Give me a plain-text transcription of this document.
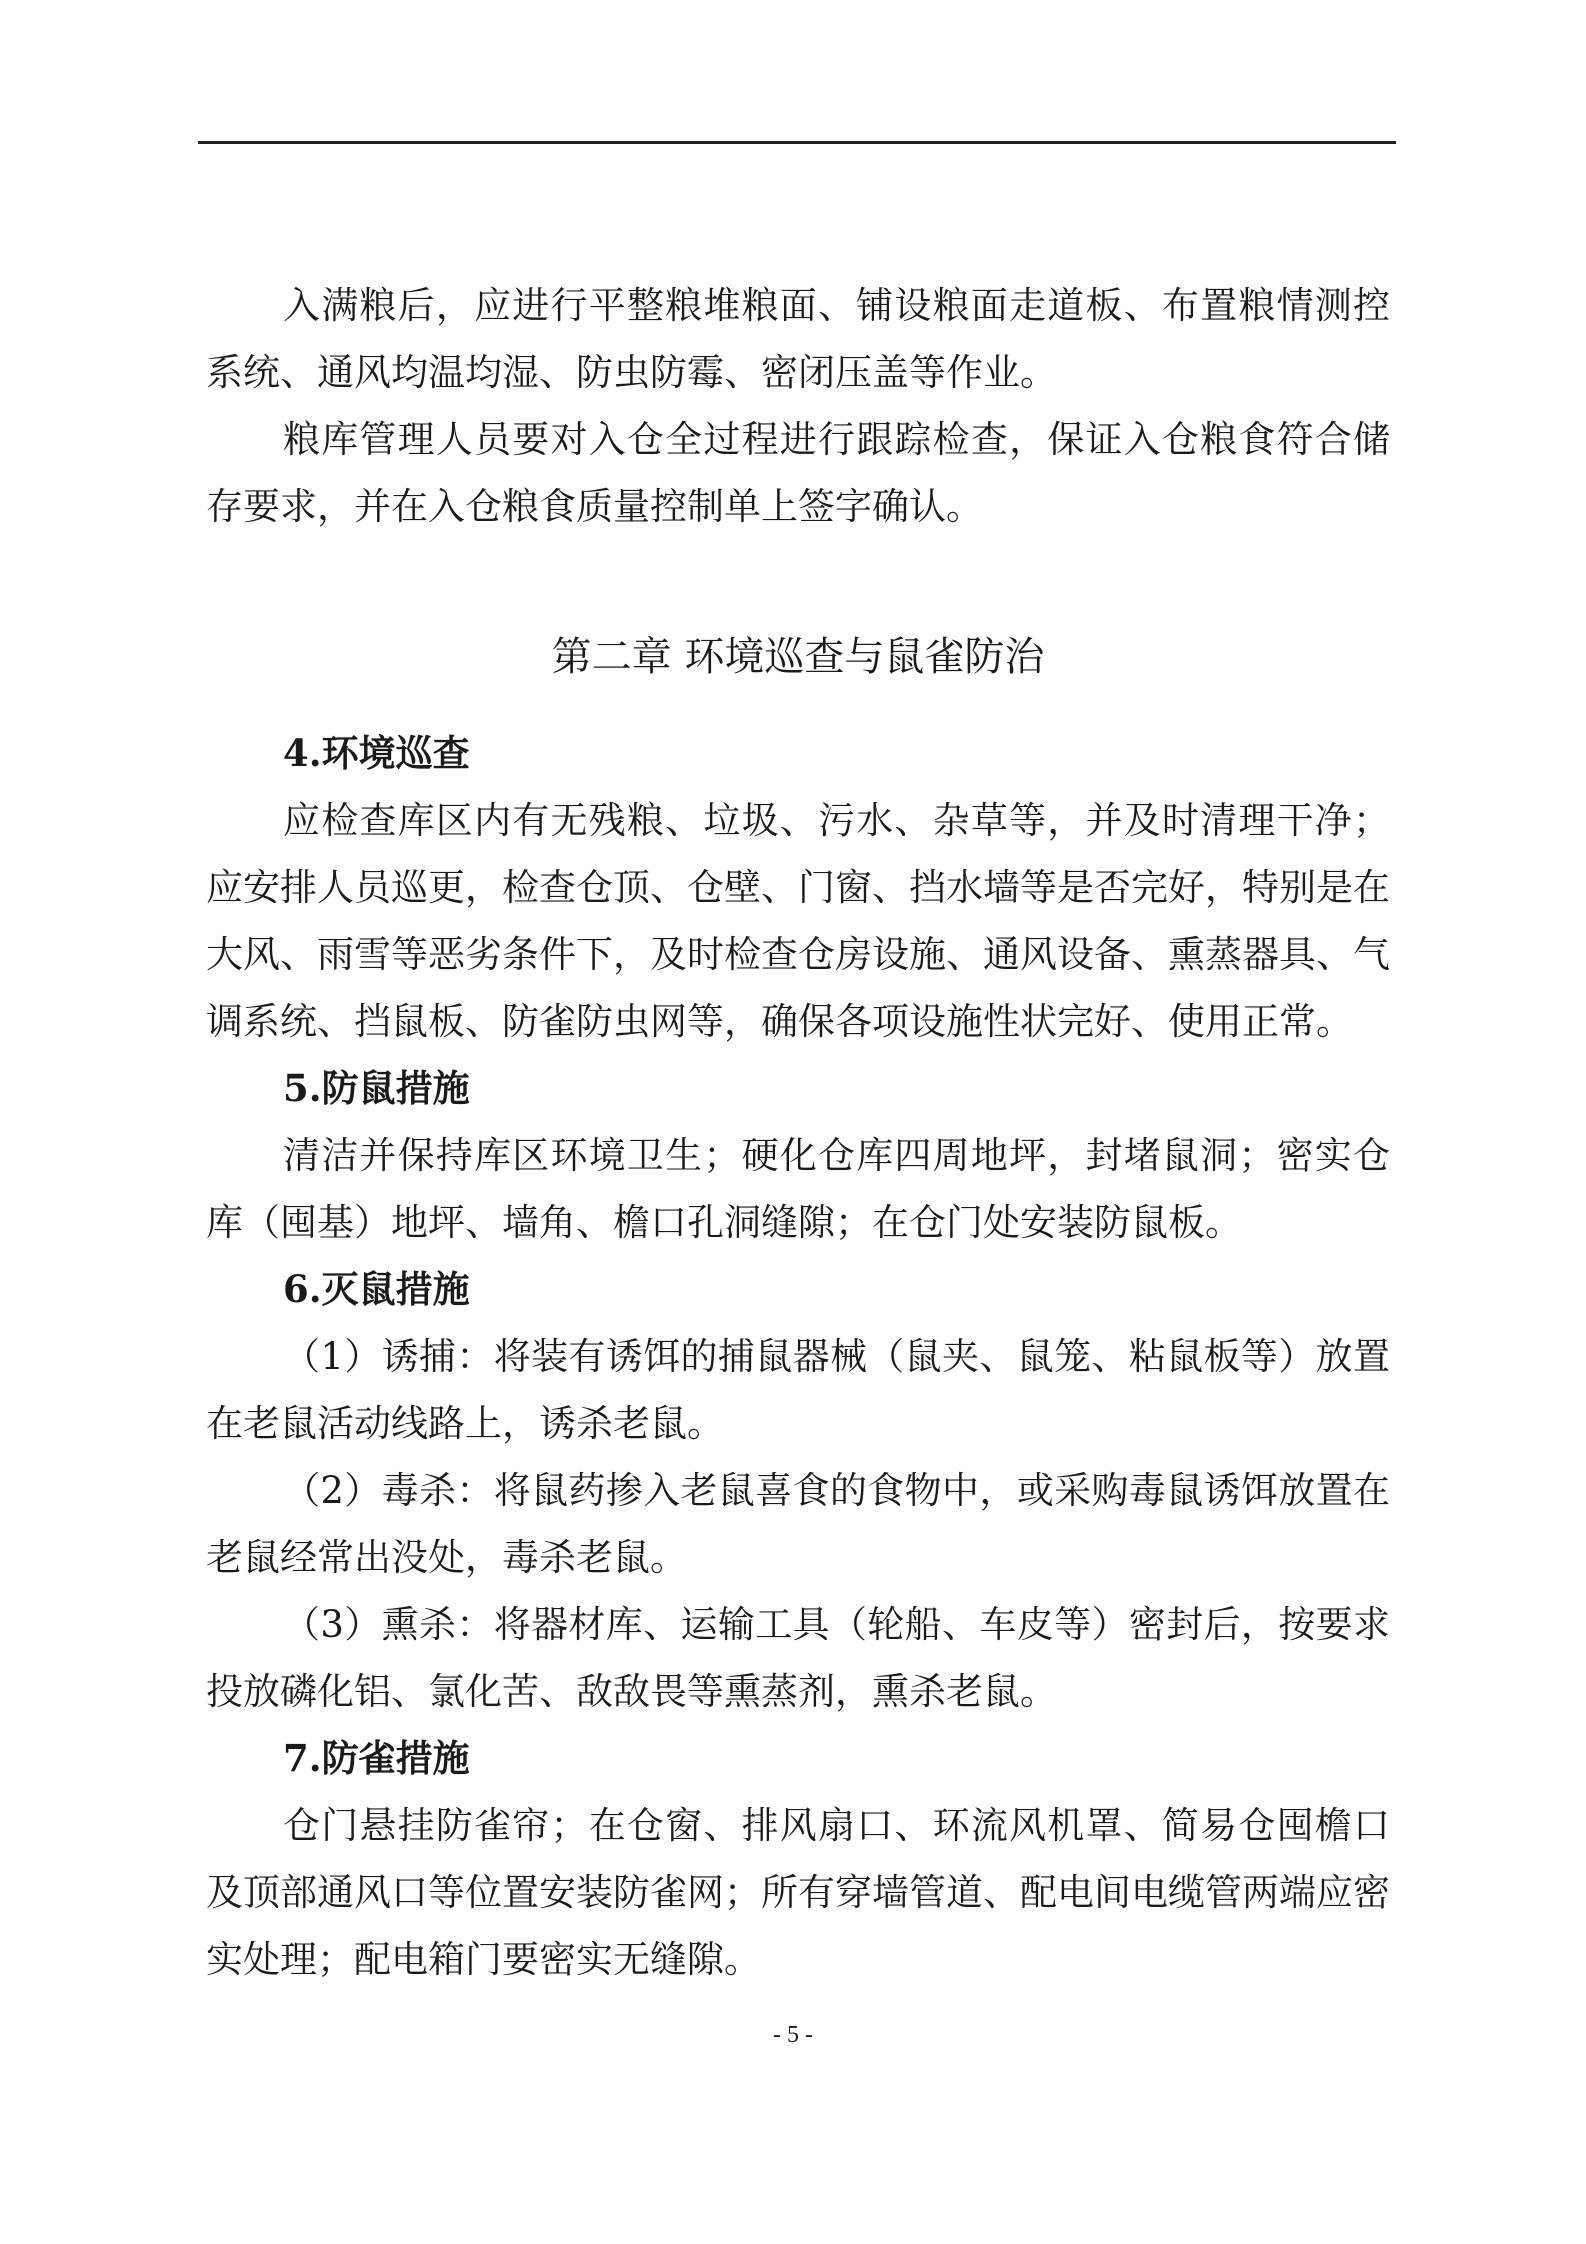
入满粮后，应进行平整粮堆粮面、铺设粮面走道板、布置粮情测控系统、通风均温均湿、防虫防霉、密闭压盖等作业。

粮库管理人员要对入仓全过程进行跟踪检查，保证入仓粮食符合储存要求，并在入仓粮食质量控制单上签字确认。

第二章 环境巡查与鼠雀防治

4.环境巡查

应检查库区内有无残粮、垃圾、污水、杂草等，并及时清理干净；应安排人员巡更，检查仓顶、仓壁、门窗、挡水墙等是否完好，特别是在大风、雨雪等恶劣条件下，及时检查仓房设施、通风设备、熏蒸器具、气调系统、挡鼠板、防雀防虫网等，确保各项设施性状完好、使用正常。

5.防鼠措施

清洁并保持库区环境卫生；硬化仓库四周地坪，封堵鼠洞；密实仓库（囤基）地坪、墙角、檐口孔洞缝隙；在仓门处安装防鼠板。

6.灭鼠措施

（1）诱捕：将装有诱饵的捕鼠器械（鼠夹、鼠笼、粘鼠板等）放置在老鼠活动线路上，诱杀老鼠。

（2）毒杀：将鼠药掺入老鼠喜食的食物中，或采购毒鼠诱饵放置在老鼠经常出没处，毒杀老鼠。

（3）熏杀：将器材库、运输工具（轮船、车皮等）密封后，按要求投放磷化铝、氯化苦、敌敌畏等熏蒸剂，熏杀老鼠。

7.防雀措施

仓门悬挂防雀帘；在仓窗、排风扇口、环流风机罩、简易仓囤檐口及顶部通风口等位置安装防雀网；所有穿墙管道、配电间电缆管两端应密实处理；配电箱门要密实无缝隙。

- 5 -
